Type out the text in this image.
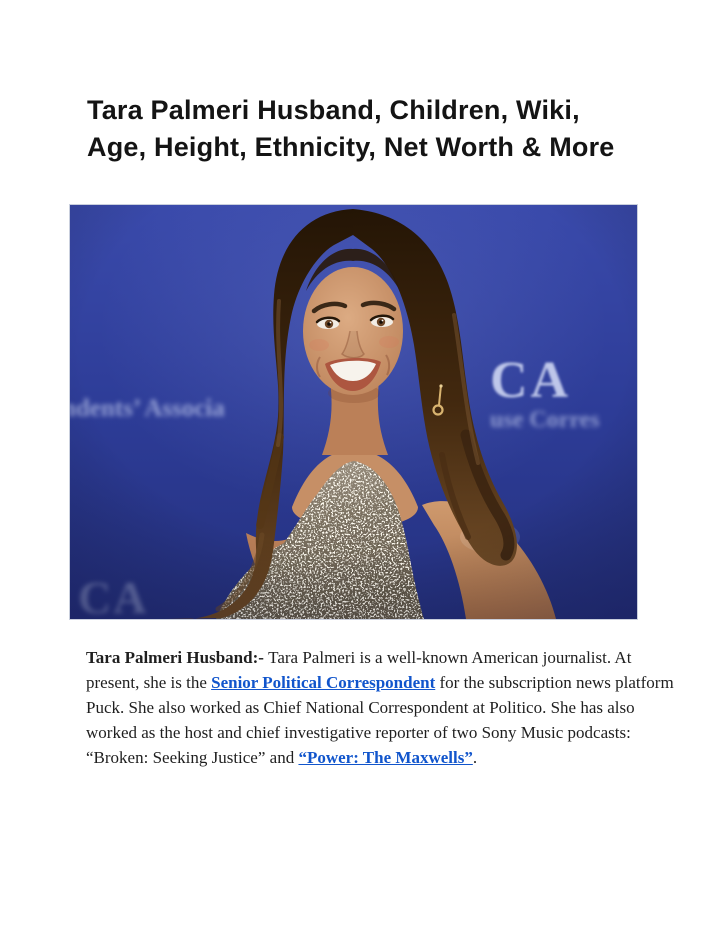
Tara Palmeri Husband, Children, Wiki,
Age, Height, Ethnicity, Net Worth & More

Tara Palmeri Husband:- Tara Palmeri is a well-known American journalist. At present, she is the Senior Political Correspondent for the subscription news platform Puck. She also worked as Chief National Correspondent at Politico. She has also worked as the host and chief investigative reporter of two Sony Music podcasts: “Broken: Seeking Justice” and “Power: The Maxwells”.
